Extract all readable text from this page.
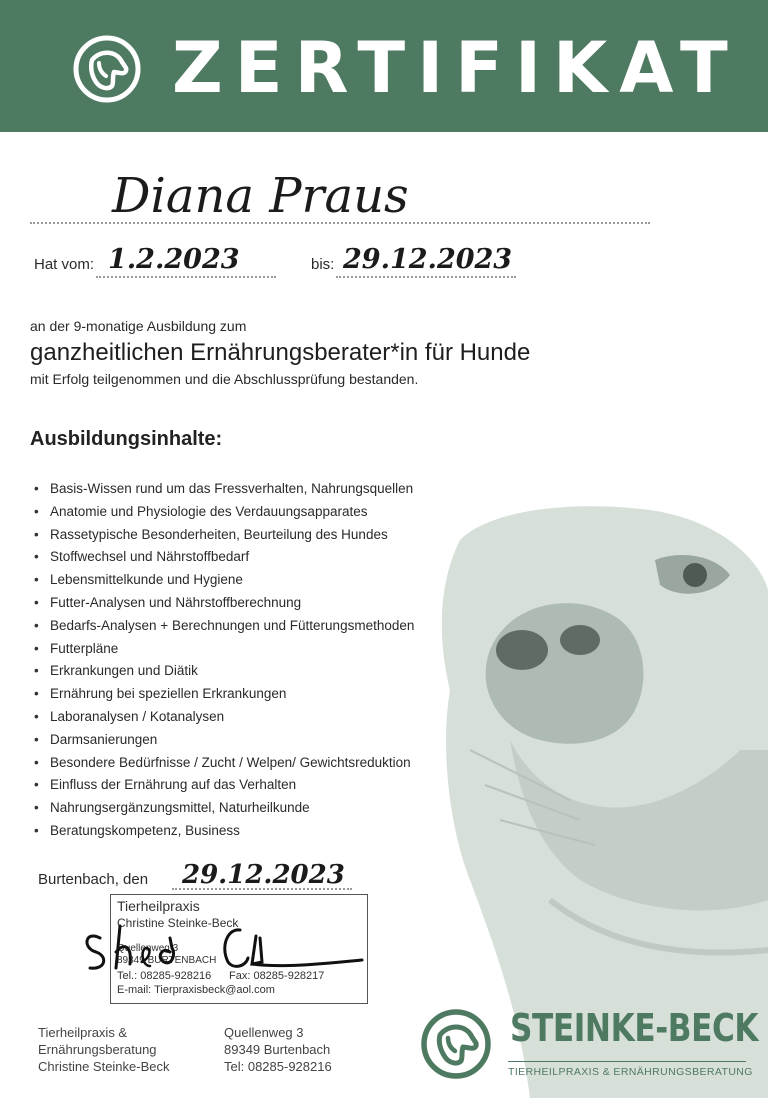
ZERTIFIKAT
Diana Praus
Hat vom: 1.2.2023	bis: 29.12.2023
an der 9-monatige Ausbildung zum
ganzheitlichen Ernährungsberater*in für Hunde
mit Erfolg teilgenommen und die Abschlussprüfung bestanden.
Ausbildungsinhalte:
• Basis-Wissen rund um das Fressverhalten, Nahrungsquellen
• Anatomie und Physiologie des Verdauungsapparates
• Rassetypische Besonderheiten, Beurteilung des Hundes
• Stoffwechsel und Nährstoffbedarf
• Lebensmittelkunde und Hygiene
• Futter-Analysen und Nährstoffberechnung
• Bedarfs-Analysen + Berechnungen und Fütterungsmethoden
• Futterpläne
• Erkrankungen und Diätik
• Ernährung bei speziellen Erkrankungen
• Laboranalysen / Kotanalysen
• Darmsanierungen
• Besondere Bedürfnisse / Zucht / Welpen/ Gewichtsreduktion
• Einfluss der Ernährung auf das Verhalten
• Nahrungsergänzungsmittel, Naturheilkunde
• Beratungskompetenz, Business
Burtenbach, den 29.12.2023
Tierheilpraxis
Christine Steinke-Beck
Quellenweg 3
89349 BURTENBACH
Tel.: 08285-928216 Fax: 08285-928217
E-mail: Tierpraxisbeck@aol.com
Tierheilpraxis &
Ernährungsberatung
Christine Steinke-Beck
Quellenweg 3
89349 Burtenbach
Tel: 08285-928216
STEINKE-BECK
TIERHEILPRAXIS & ERNÄHRUNGSBERATUNG
